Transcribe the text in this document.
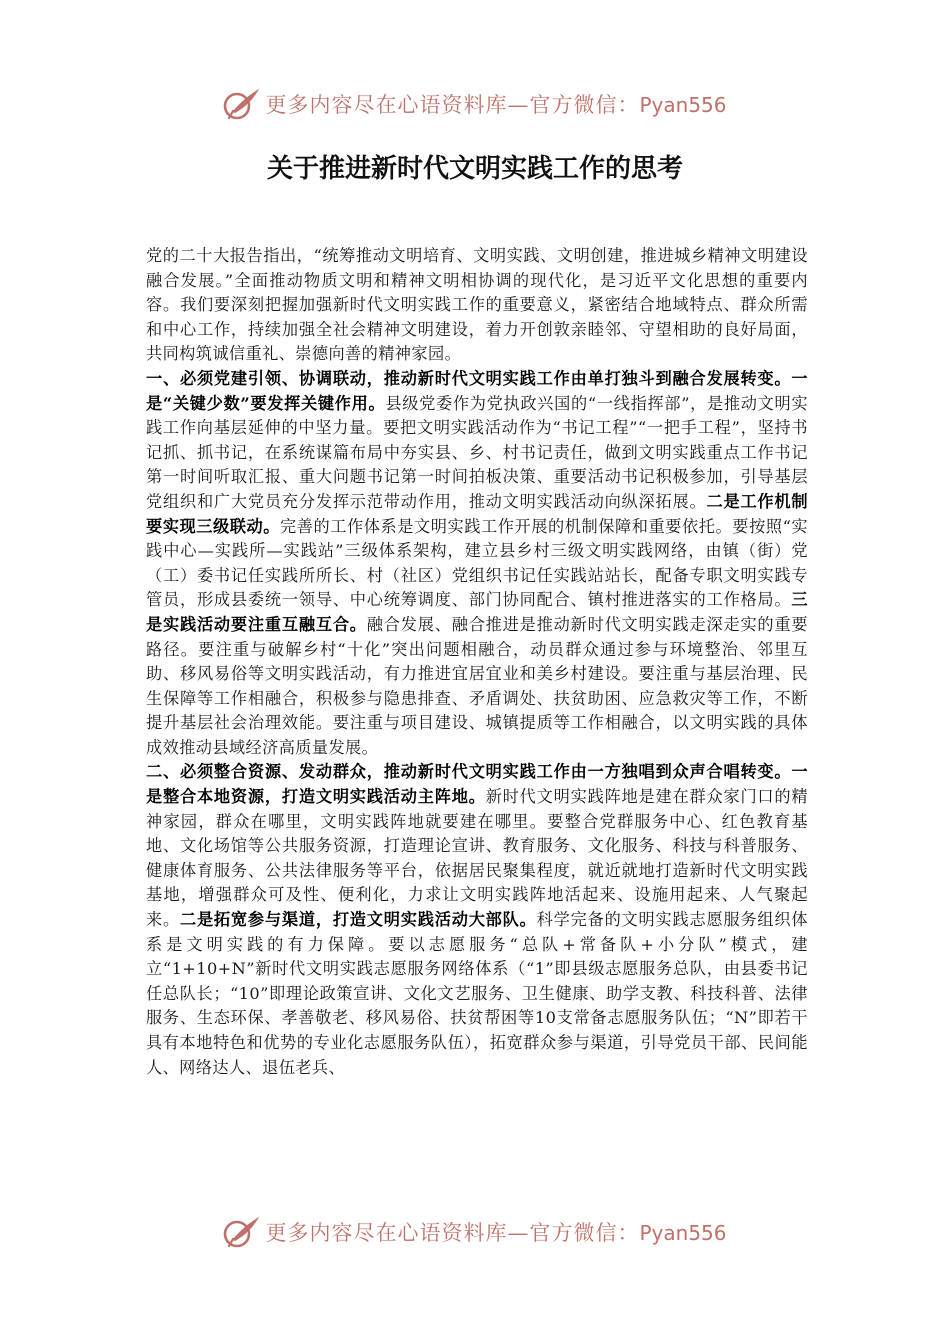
更多内容尽在心语资料库—官方微信：Pyan556
关于推进新时代文明实践工作的思考

党的二十大报告指出，“统筹推动文明培育、文明实践、文明创建，推进城乡精神文明建设融合发展。”全面推动物质文明和精神文明相协调的现代化，是习近平文化思想的重要内容。我们要深刻把握加强新时代文明实践工作的重要意义，紧密结合地域特点、群众所需和中心工作，持续加强全社会精神文明建设，着力开创敦亲睦邻、守望相助的良好局面，共同构筑诚信重礼、崇德向善的精神家园。

一、必须党建引领、协调联动，推动新时代文明实践工作由单打独斗到融合发展转变。一是“关键少数”要发挥关键作用。县级党委作为党执政兴国的“一线指挥部”，是推动文明实践工作向基层延伸的中坚力量。要把文明实践活动作为“书记工程”“一把手工程”，坚持书记抓、抓书记，在系统谋篇布局中夯实县、乡、村书记责任，做到文明实践重点工作书记第一时间听取汇报、重大问题书记第一时间拍板决策、重要活动书记积极参加，引导基层党组织和广大党员充分发挥示范带动作用，推动文明实践活动向纵深拓展。二是工作机制要实现三级联动。完善的工作体系是文明实践工作开展的机制保障和重要依托。要按照“实践中心—实践所—实践站”三级体系架构，建立县乡村三级文明实践网络，由镇（街）党（工）委书记任实践所所长、村（社区）党组织书记任实践站站长，配备专职文明实践专管员，形成县委统一领导、中心统筹调度、部门协同配合、镇村推进落实的工作格局。三是实践活动要注重互融互合。融合发展、融合推进是推动新时代文明实践走深走实的重要路径。要注重与破解乡村“十化”突出问题相融合，动员群众通过参与环境整治、邻里互助、移风易俗等文明实践活动，有力推进宜居宜业和美乡村建设。要注重与基层治理、民生保障等工作相融合，积极参与隐患排查、矛盾调处、扶贫助困、应急救灾等工作，不断提升基层社会治理效能。要注重与项目建设、城镇提质等工作相融合，以文明实践的具体成效推动县域经济高质量发展。

二、必须整合资源、发动群众，推动新时代文明实践工作由一方独唱到众声合唱转变。一是整合本地资源，打造文明实践活动主阵地。新时代文明实践阵地是建在群众家门口的精神家园，群众在哪里，文明实践阵地就要建在哪里。要整合党群服务中心、红色教育基地、文化场馆等公共服务资源，打造理论宣讲、教育服务、文化服务、科技与科普服务、健康体育服务、公共法律服务等平台，依据居民聚集程度，就近就地打造新时代文明实践基地，增强群众可及性、便利化，力求让文明实践阵地活起来、设施用起来、人气聚起来。二是拓宽参与渠道，打造文明实践活动大部队。科学完备的文明实践志愿服务组织体系是文明实践的有力保障。要以志愿服务“总队+常备队+小分队”模式，建立“1+10+N”新时代文明实践志愿服务网络体系（“1”即县级志愿服务总队，由县委书记任总队长；“10”即理论政策宣讲、文化文艺服务、卫生健康、助学支教、科技科普、法律服务、生态环保、孝善敬老、移风易俗、扶贫帮困等10支常备志愿服务队伍；“N”即若干具有本地特色和优势的专业化志愿服务队伍），拓宽群众参与渠道，引导党员干部、民间能人、网络达人、退伍老兵、

更多内容尽在心语资料库—官方微信：Pyan556
